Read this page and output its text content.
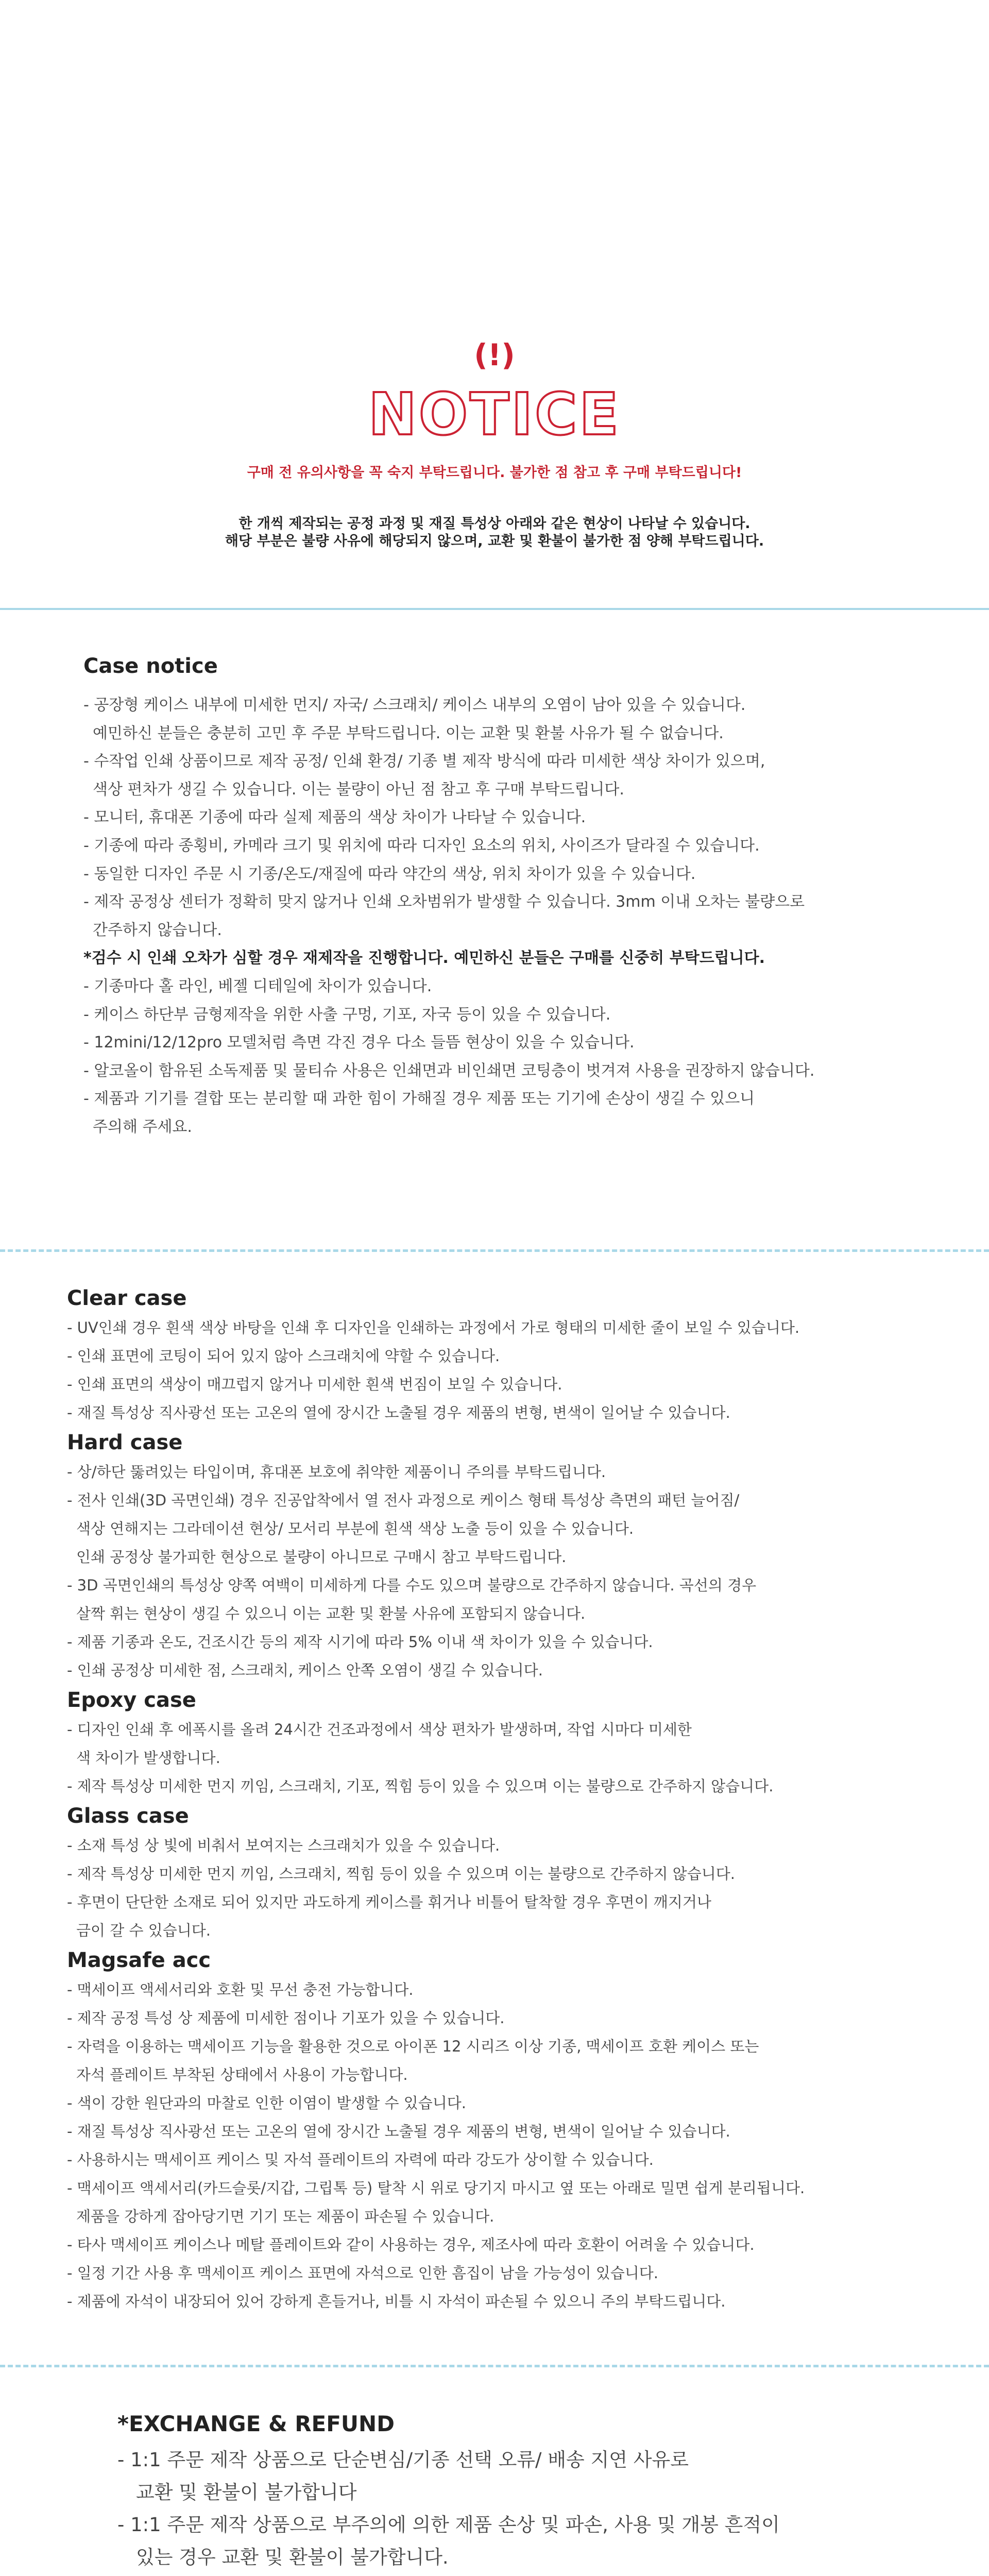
(!)
NOTICE
구매 전 유의사항을 꼭 숙지 부탁드립니다. 불가한 점 참고 후 구매 부탁드립니다!
한 개씩 제작되는 공정 과정 및 재질 특성상 아래와 같은 현상이 나타날 수 있습니다.
해당 부분은 불량 사유에 해당되지 않으며, 교환 및 환불이 불가한 점 양해 부탁드립니다.
Case notice
- 공장형 케이스 내부에 미세한 먼지/ 자국/ 스크래치/ 케이스 내부의 오염이 남아 있을 수 있습니다.
예민하신 분들은 충분히 고민 후 주문 부탁드립니다. 이는 교환 및 환불 사유가 될 수 없습니다.
- 수작업 인쇄 상품이므로 제작 공정/ 인쇄 환경/ 기종 별 제작 방식에 따라 미세한 색상 차이가 있으며,
색상 편차가 생길 수 있습니다. 이는 불량이 아닌 점 참고 후 구매 부탁드립니다.
- 모니터, 휴대폰 기종에 따라 실제 제품의 색상 차이가 나타날 수 있습니다.
- 기종에 따라 종횡비, 카메라 크기 및 위치에 따라 디자인 요소의 위치, 사이즈가 달라질 수 있습니다.
- 동일한 디자인 주문 시 기종/온도/재질에 따라 약간의 색상, 위치 차이가 있을 수 있습니다.
- 제작 공정상 센터가 정확히 맞지 않거나 인쇄 오차범위가 발생할 수 있습니다. 3mm 이내 오차는 불량으로
간주하지 않습니다.
*검수 시 인쇄 오차가 심할 경우 재제작을 진행합니다. 예민하신 분들은 구매를 신중히 부탁드립니다.
- 기종마다 홀 라인, 베젤 디테일에 차이가 있습니다.
- 케이스 하단부 금형제작을 위한 사출 구멍, 기포, 자국 등이 있을 수 있습니다.
- 12mini/12/12pro 모델처럼 측면 각진 경우 다소 들뜸 현상이 있을 수 있습니다.
- 알코올이 함유된 소독제품 및 물티슈 사용은 인쇄면과 비인쇄면 코팅층이 벗겨져 사용을 권장하지 않습니다.
- 제품과 기기를 결합 또는 분리할 때 과한 힘이 가해질 경우 제품 또는 기기에 손상이 생길 수 있으니
주의해 주세요.
Clear case
- UV인쇄 경우 흰색 색상 바탕을 인쇄 후 디자인을 인쇄하는 과정에서 가로 형태의 미세한 줄이 보일 수 있습니다.
- 인쇄 표면에 코팅이 되어 있지 않아 스크래치에 약할 수 있습니다.
- 인쇄 표면의 색상이 매끄럽지 않거나 미세한 흰색 번짐이 보일 수 있습니다.
- 재질 특성상 직사광선 또는 고온의 열에 장시간 노출될 경우 제품의 변형, 변색이 일어날 수 있습니다.
Hard case
- 상/하단 뚫려있는 타입이며, 휴대폰 보호에 취약한 제품이니 주의를 부탁드립니다.
- 전사 인쇄(3D 곡면인쇄) 경우 진공압착에서 열 전사 과정으로 케이스 형태 특성상 측면의 패턴 늘어짐/
색상 연해지는 그라데이션 현상/ 모서리 부분에 흰색 색상 노출 등이 있을 수 있습니다.
인쇄 공정상 불가피한 현상으로 불량이 아니므로 구매시 참고 부탁드립니다.
- 3D 곡면인쇄의 특성상 양쪽 여백이 미세하게 다를 수도 있으며 불량으로 간주하지 않습니다. 곡선의 경우
살짝 휘는 현상이 생길 수 있으니 이는 교환 및 환불 사유에 포함되지 않습니다.
- 제품 기종과 온도, 건조시간 등의 제작 시기에 따라 5% 이내 색 차이가 있을 수 있습니다.
- 인쇄 공정상 미세한 점, 스크래치, 케이스 안쪽 오염이 생길 수 있습니다.
Epoxy case
- 디자인 인쇄 후 에폭시를 올려 24시간 건조과정에서 색상 편차가 발생하며, 작업 시마다 미세한
색 차이가 발생합니다.
- 제작 특성상 미세한 먼지 끼임, 스크래치, 기포, 찍힘 등이 있을 수 있으며 이는 불량으로 간주하지 않습니다.
Glass case
- 소재 특성 상 빛에 비춰서 보여지는 스크래치가 있을 수 있습니다.
- 제작 특성상 미세한 먼지 끼임, 스크래치, 찍힘 등이 있을 수 있으며 이는 불량으로 간주하지 않습니다.
- 후면이 단단한 소재로 되어 있지만 과도하게 케이스를 휘거나 비틀어 탈착할 경우 후면이 깨지거나
금이 갈 수 있습니다.
Magsafe acc
- 맥세이프 액세서리와 호환 및 무선 충전 가능합니다.
- 제작 공정 특성 상 제품에 미세한 점이나 기포가 있을 수 있습니다.
- 자력을 이용하는 맥세이프 기능을 활용한 것으로 아이폰 12 시리즈 이상 기종, 맥세이프 호환 케이스 또는
자석 플레이트 부착된 상태에서 사용이 가능합니다.
- 색이 강한 원단과의 마찰로 인한 이염이 발생할 수 있습니다.
- 재질 특성상 직사광선 또는 고온의 열에 장시간 노출될 경우 제품의 변형, 변색이 일어날 수 있습니다.
- 사용하시는 맥세이프 케이스 및 자석 플레이트의 자력에 따라 강도가 상이할 수 있습니다.
- 맥세이프 액세서리(카드슬롯/지갑, 그립톡 등) 탈착 시 위로 당기지 마시고 옆 또는 아래로 밀면 쉽게 분리됩니다.
제품을 강하게 잡아당기면 기기 또는 제품이 파손될 수 있습니다.
- 타사 맥세이프 케이스나 메탈 플레이트와 같이 사용하는 경우, 제조사에 따라 호환이 어려울 수 있습니다.
- 일정 기간 사용 후 맥세이프 케이스 표면에 자석으로 인한 흠집이 남을 가능성이 있습니다.
- 제품에 자석이 내장되어 있어 강하게 흔들거나, 비틀 시 자석이 파손될 수 있으니 주의 부탁드립니다.
*EXCHANGE & REFUND
- 1:1 주문 제작 상품으로 단순변심/기종 선택 오류/ 배송 지연 사유로
교환 및 환불이 불가합니다
- 1:1 주문 제작 상품으로 부주의에 의한 제품 손상 및 파손, 사용 및 개봉 흔적이
있는 경우 교환 및 환불이 불가합니다.
